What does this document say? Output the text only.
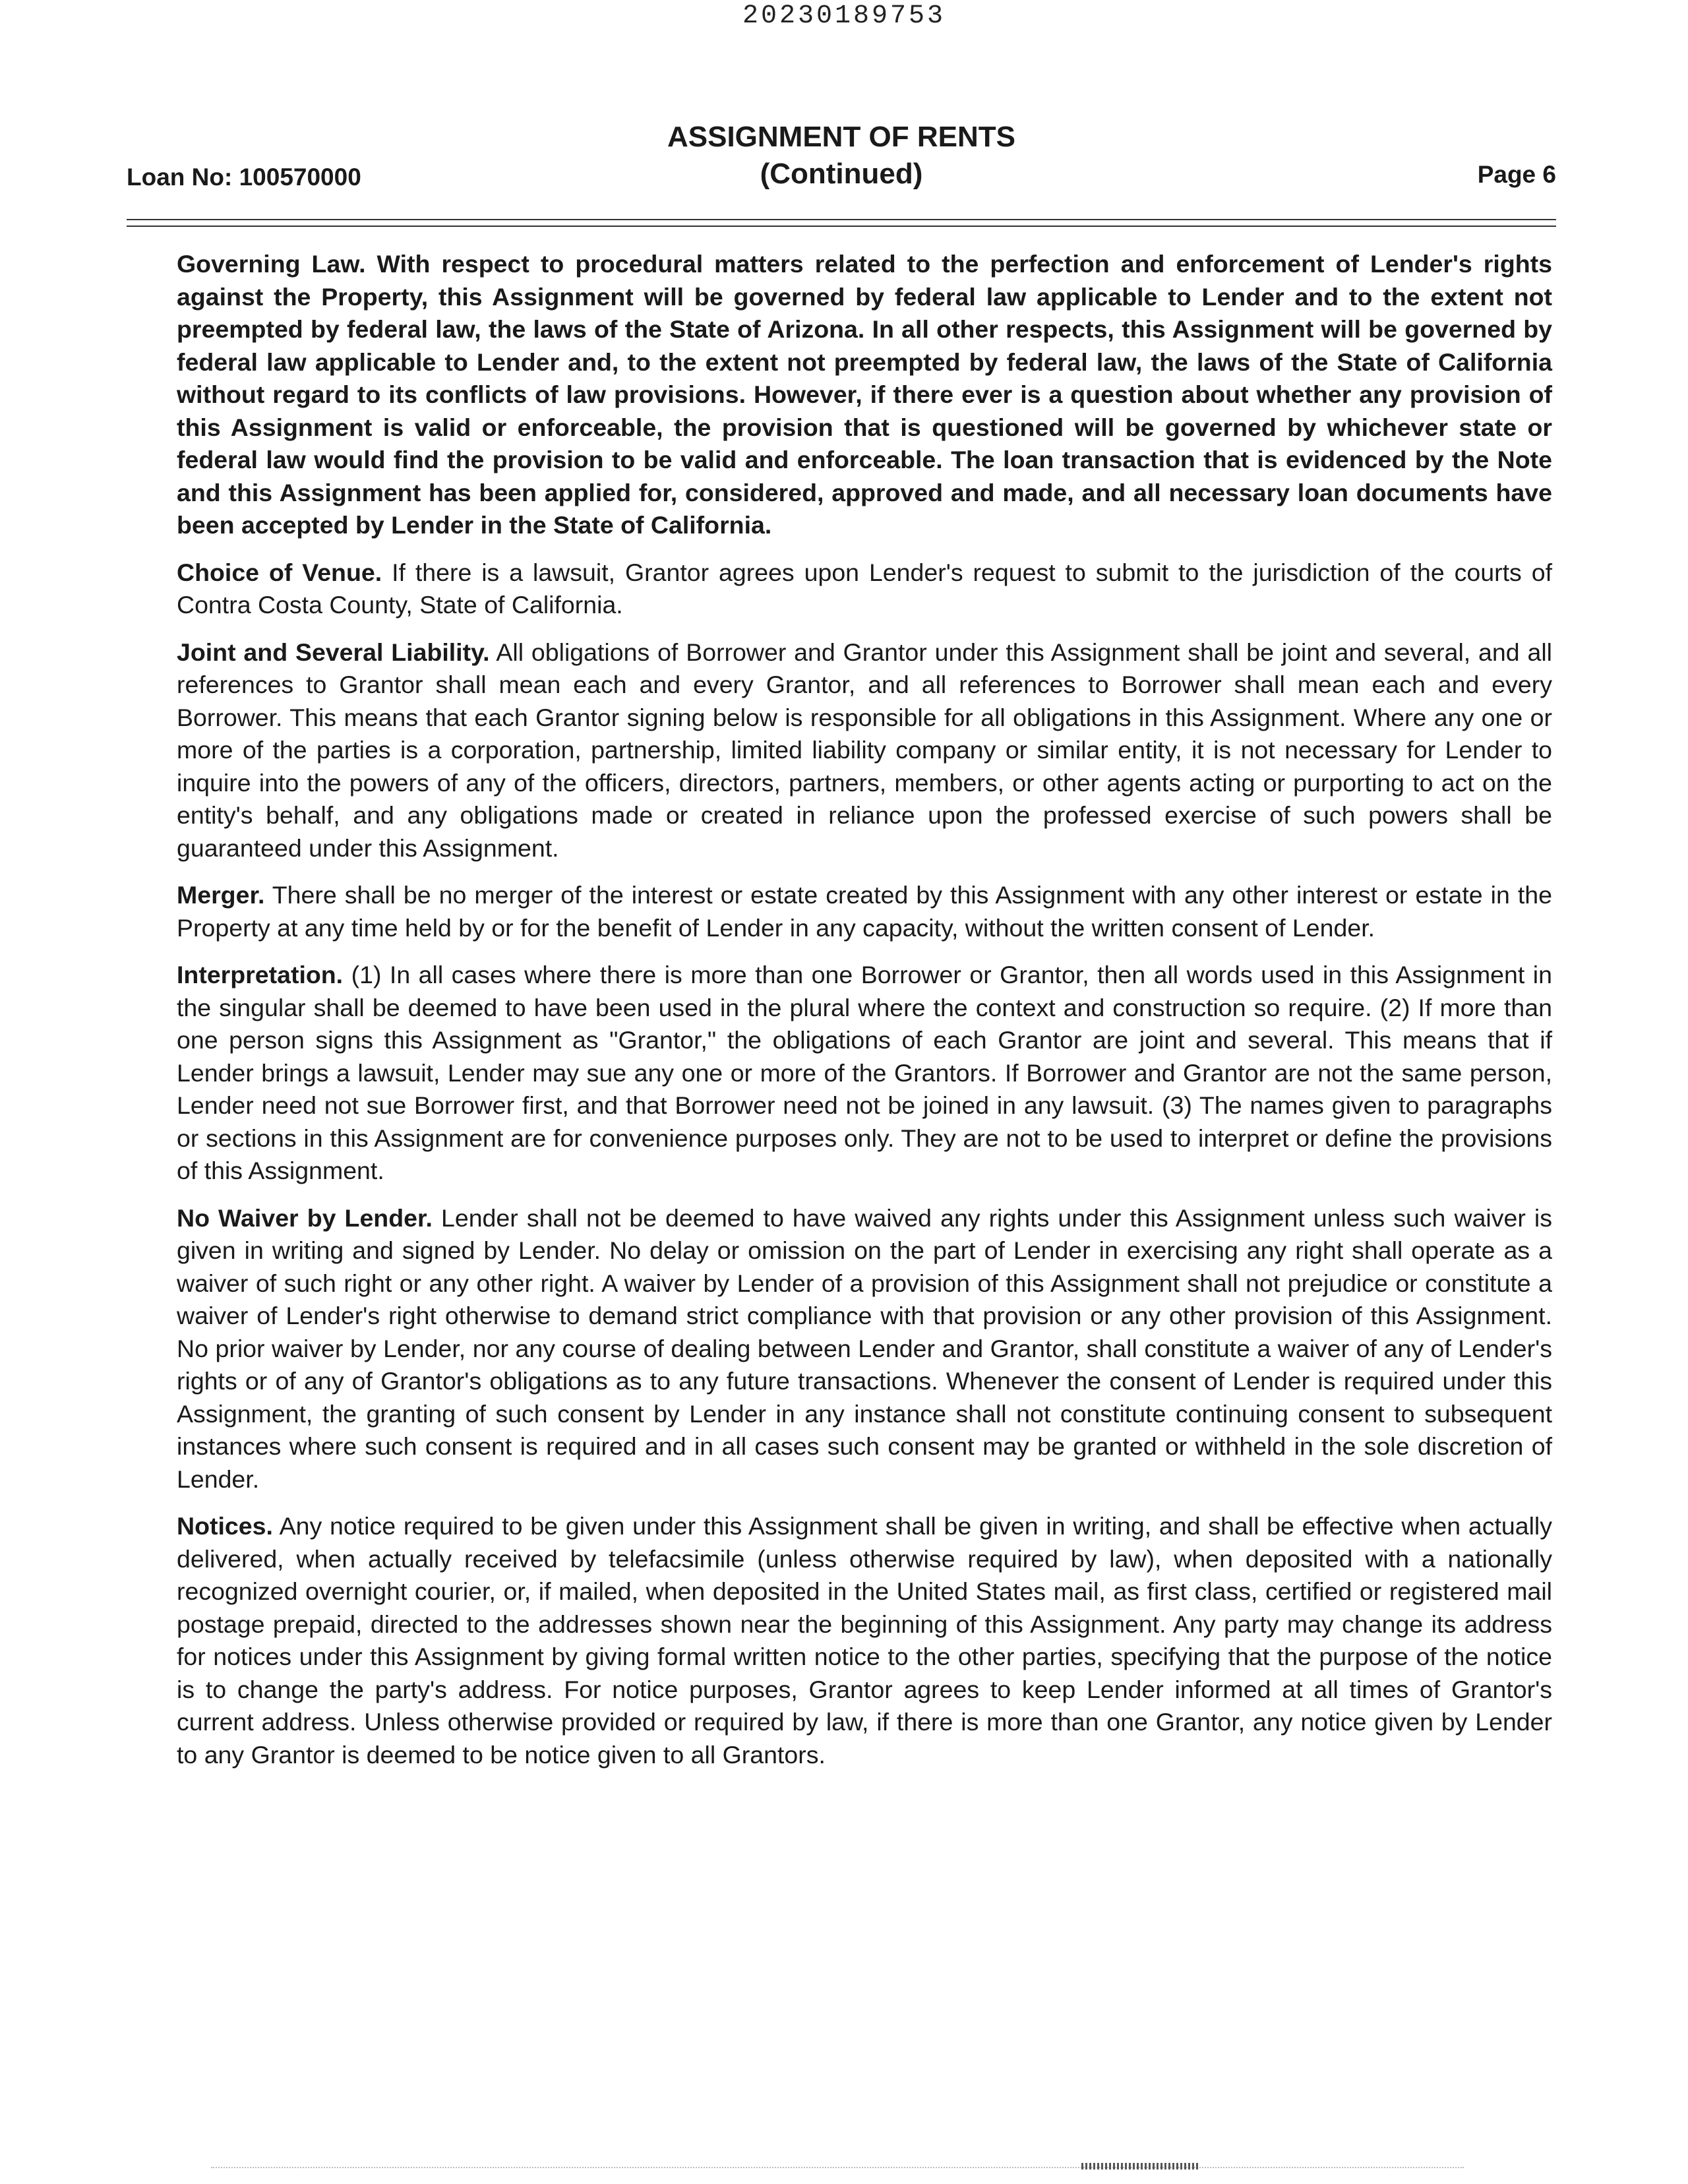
20230189753
Loan No: 100570000
ASSIGNMENT OF RENTS
(Continued)	Page 6

Governing Law. With respect to procedural matters related to the perfection and enforcement of Lender's rights against the Property, this Assignment will be governed by federal law applicable to Lender and to the extent not preempted by federal law, the laws of the State of Arizona. In all other respects, this Assignment will be governed by federal law applicable to Lender and, to the extent not preempted by federal law, the laws of the State of California without regard to its conflicts of law provisions. However, if there ever is a question about whether any provision of this Assignment is valid or enforceable, the provision that is questioned will be governed by whichever state or federal law would find the provision to be valid and enforceable. The loan transaction that is evidenced by the Note and this Assignment has been applied for, considered, approved and made, and all necessary loan documents have been accepted by Lender in the State of California.

Choice of Venue. If there is a lawsuit, Grantor agrees upon Lender's request to submit to the jurisdiction of the courts of Contra Costa County, State of California.

Joint and Several Liability. All obligations of Borrower and Grantor under this Assignment shall be joint and several, and all references to Grantor shall mean each and every Grantor, and all references to Borrower shall mean each and every Borrower. This means that each Grantor signing below is responsible for all obligations in this Assignment. Where any one or more of the parties is a corporation, partnership, limited liability company or similar entity, it is not necessary for Lender to inquire into the powers of any of the officers, directors, partners, members, or other agents acting or purporting to act on the entity's behalf, and any obligations made or created in reliance upon the professed exercise of such powers shall be guaranteed under this Assignment.

Merger. There shall be no merger of the interest or estate created by this Assignment with any other interest or estate in the Property at any time held by or for the benefit of Lender in any capacity, without the written consent of Lender.

Interpretation. (1) In all cases where there is more than one Borrower or Grantor, then all words used in this Assignment in the singular shall be deemed to have been used in the plural where the context and construction so require. (2) If more than one person signs this Assignment as "Grantor," the obligations of each Grantor are joint and several. This means that if Lender brings a lawsuit, Lender may sue any one or more of the Grantors. If Borrower and Grantor are not the same person, Lender need not sue Borrower first, and that Borrower need not be joined in any lawsuit. (3) The names given to paragraphs or sections in this Assignment are for convenience purposes only. They are not to be used to interpret or define the provisions of this Assignment.

No Waiver by Lender. Lender shall not be deemed to have waived any rights under this Assignment unless such waiver is given in writing and signed by Lender. No delay or omission on the part of Lender in exercising any right shall operate as a waiver of such right or any other right. A waiver by Lender of a provision of this Assignment shall not prejudice or constitute a waiver of Lender's right otherwise to demand strict compliance with that provision or any other provision of this Assignment. No prior waiver by Lender, nor any course of dealing between Lender and Grantor, shall constitute a waiver of any of Lender's rights or of any of Grantor's obligations as to any future transactions. Whenever the consent of Lender is required under this Assignment, the granting of such consent by Lender in any instance shall not constitute continuing consent to subsequent instances where such consent is required and in all cases such consent may be granted or withheld in the sole discretion of Lender.

Notices. Any notice required to be given under this Assignment shall be given in writing, and shall be effective when actually delivered, when actually received by telefacsimile (unless otherwise required by law), when deposited with a nationally recognized overnight courier, or, if mailed, when deposited in the United States mail, as first class, certified or registered mail postage prepaid, directed to the addresses shown near the beginning of this Assignment. Any party may change its address for notices under this Assignment by giving formal written notice to the other parties, specifying that the purpose of the notice is to change the party's address. For notice purposes, Grantor agrees to keep Lender informed at all times of Grantor's current address. Unless otherwise provided or required by law, if there is more than one Grantor, any notice given by Lender to any Grantor is deemed to be notice given to all Grantors.
